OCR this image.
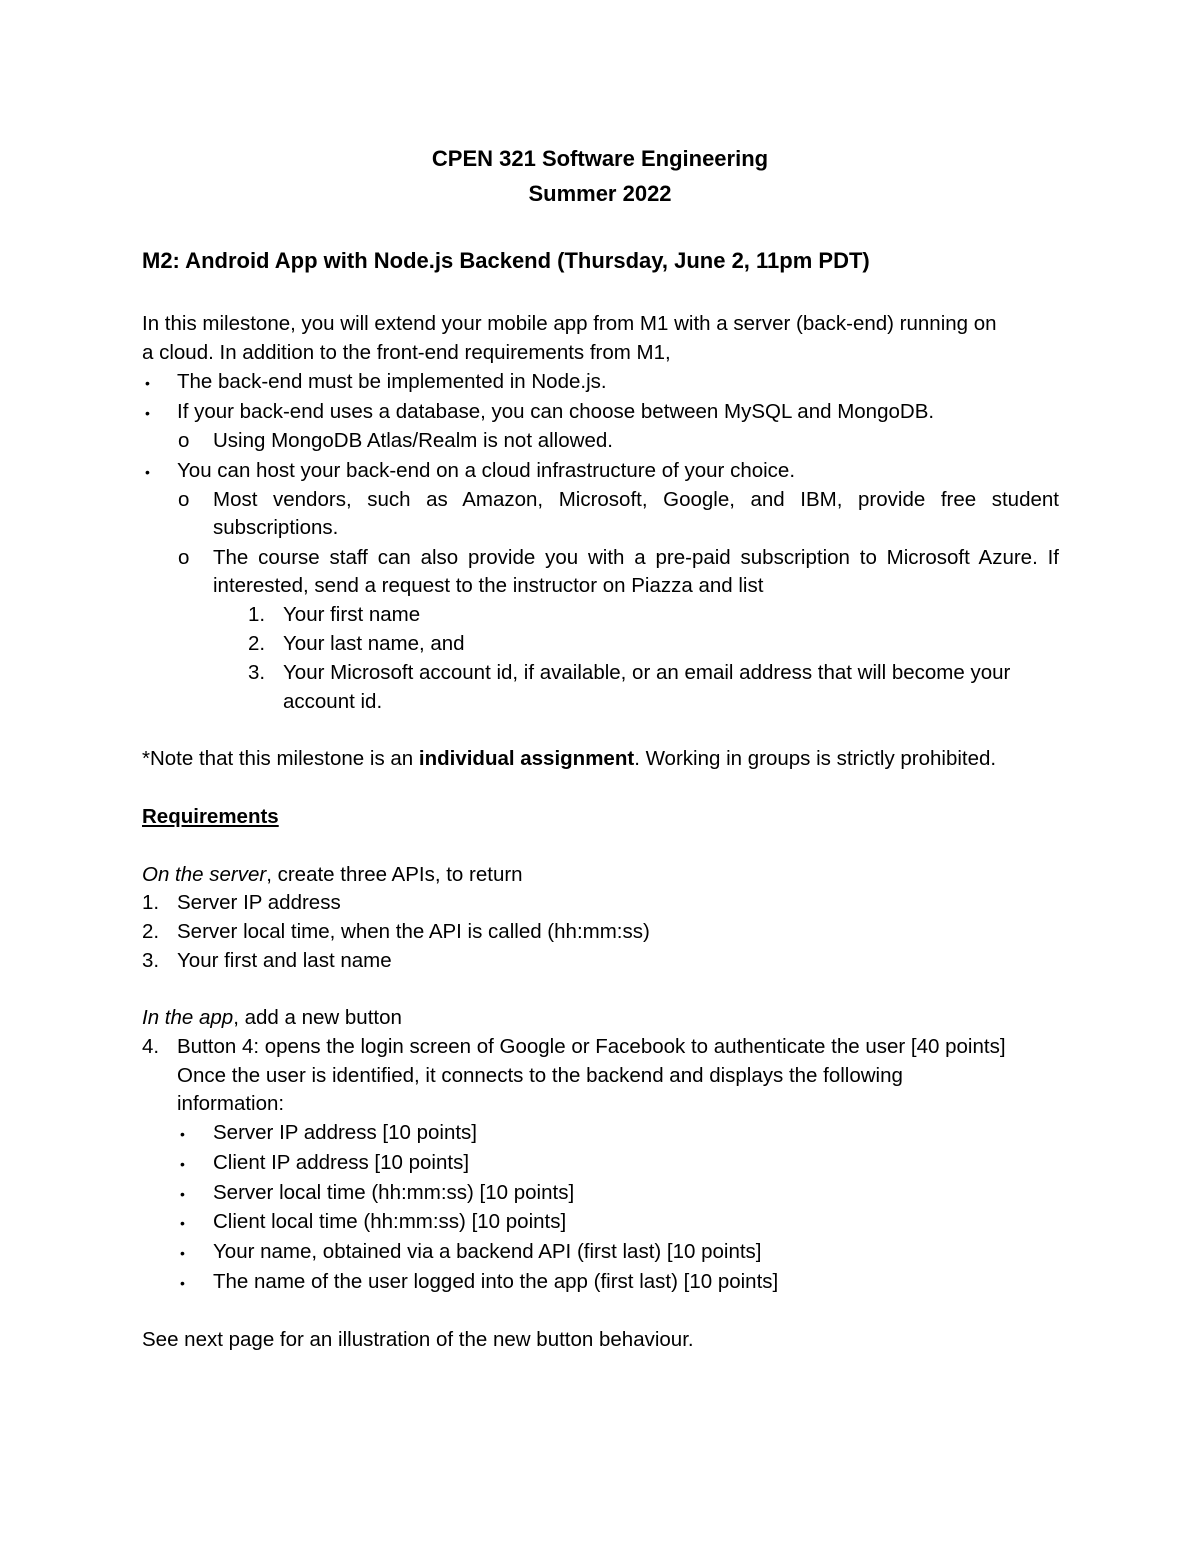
CPEN 321 Software Engineering
Summer 2022
M2: Android App with Node.js Backend (Thursday, June 2, 11pm PDT)
In this milestone, you will extend your mobile app from M1 with a server (back-end) running on
a cloud. In addition to the front-end requirements from M1,
• The back-end must be implemented in Node.js.
• If your back-end uses a database, you can choose between MySQL and MongoDB.
o Using MongoDB Atlas/Realm is not allowed.
• You can host your back-end on a cloud infrastructure of your choice.
o Most vendors, such as Amazon, Microsoft, Google, and IBM, provide free student
subscriptions.
o The course staff can also provide you with a pre-paid subscription to Microsoft Azure. If
interested, send a request to the instructor on Piazza and list
1. Your first name
2. Your last name, and
3. Your Microsoft account id, if available, or an email address that will become your
account id.
*Note that this milestone is an individual assignment. Working in groups is strictly prohibited.
Requirements
On the server, create three APIs, to return
1. Server IP address
2. Server local time, when the API is called (hh:mm:ss)
3. Your first and last name
In the app, add a new button
4. Button 4: opens the login screen of Google or Facebook to authenticate the user [40 points]
Once the user is identified, it connects to the backend and displays the following
information:
• Server IP address [10 points]
• Client IP address [10 points]
• Server local time (hh:mm:ss) [10 points]
• Client local time (hh:mm:ss) [10 points]
• Your name, obtained via a backend API (first last) [10 points]
• The name of the user logged into the app (first last) [10 points]
See next page for an illustration of the new button behaviour.
